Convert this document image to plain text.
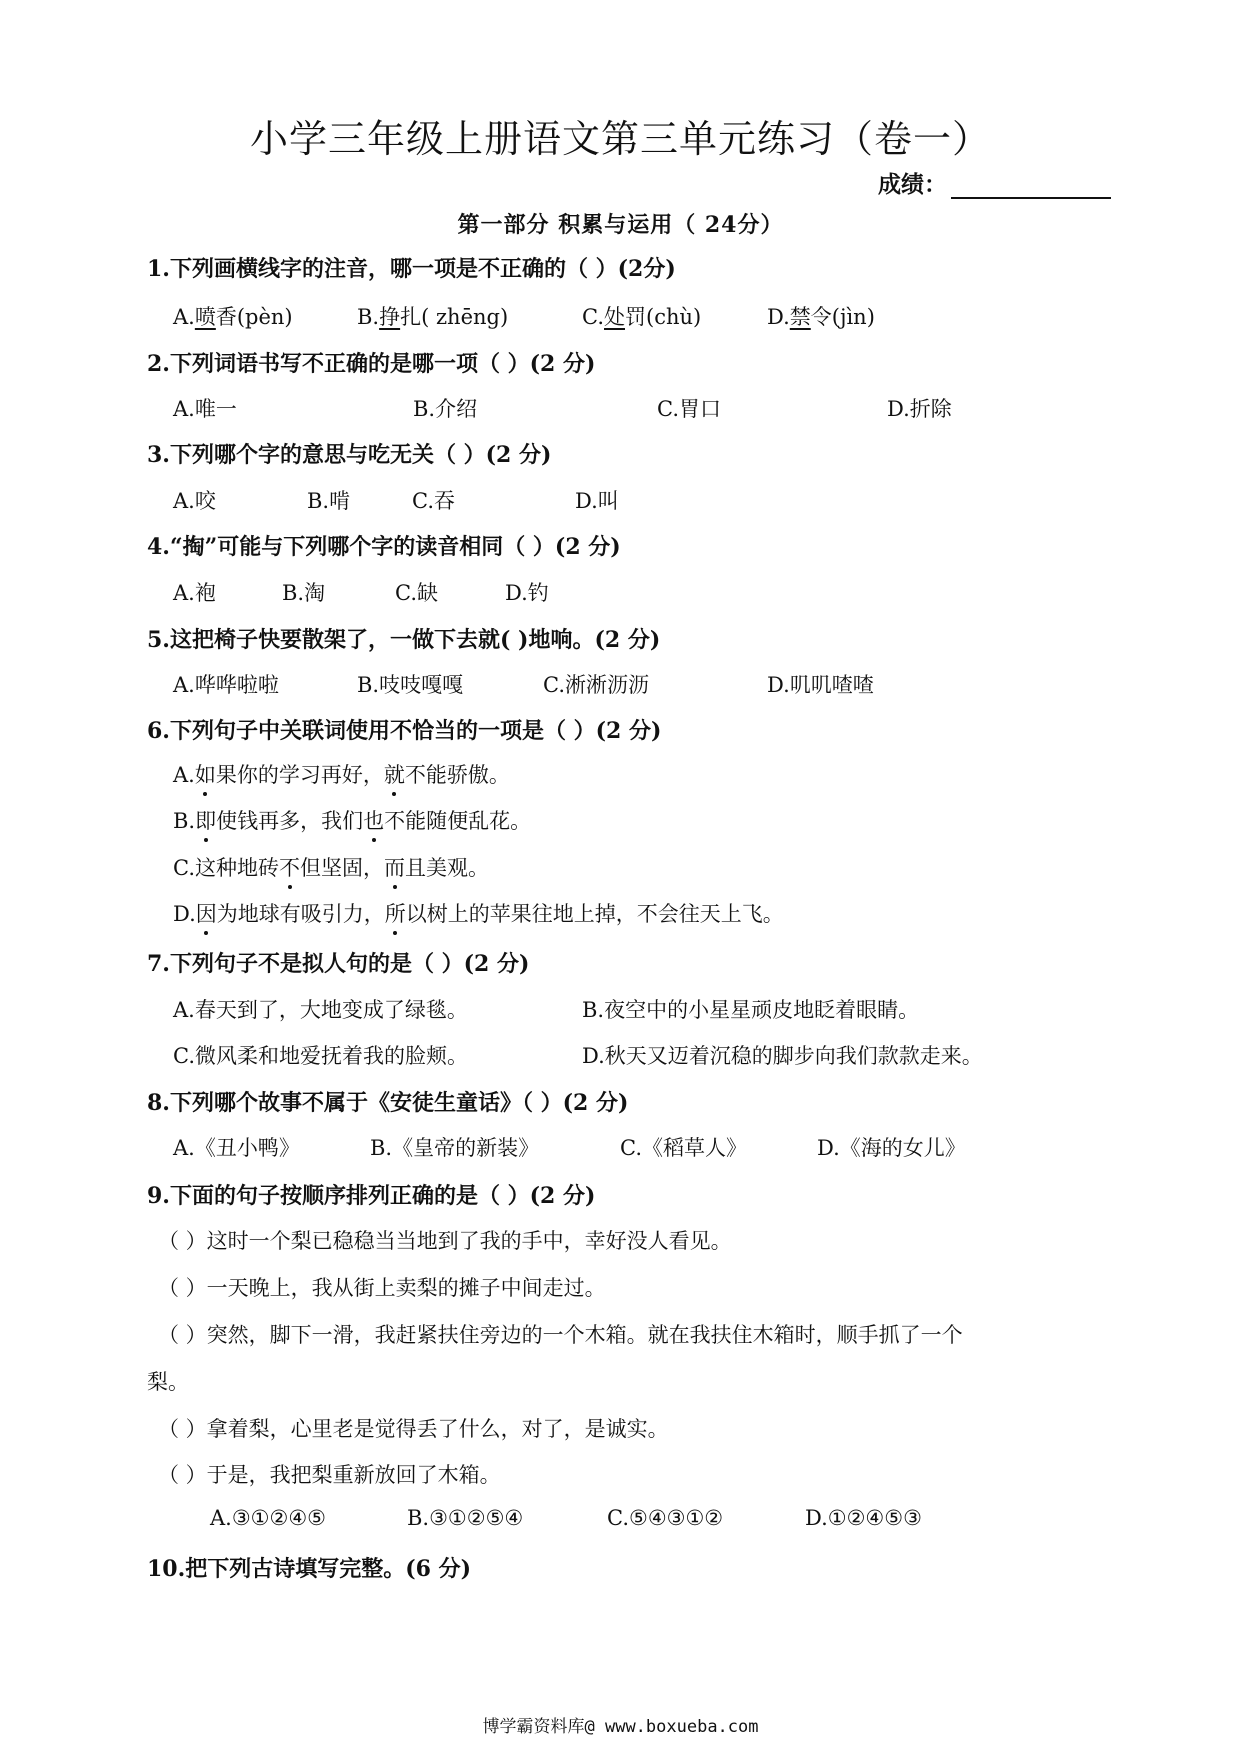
小学三年级上册语文第三单元练习（卷一）
成绩：
第一部分 积累与运用（ 24分）
1.下列画横线字的注音，哪一项是不正确的（ ）(2分)
A.喷香(pèn)	B.挣扎( zhēng)	C.处罚(chù)	D.禁令(jìn)
2.下列词语书写不正确的是哪一项（ ）(2 分)
A.唯一	B.介绍	C.胃口	D.折除
3.下列哪个字的意思与吃无关（ ）(2 分)
A.咬	B.啃	C.吞	D.叫
4.“掏”可能与下列哪个字的读音相同（ ）(2 分)
A.袍	B.淘	C.缺	D.钓
5.这把椅子快要散架了，一做下去就( )地响。(2 分)
A.哗哗啦啦	B.吱吱嘎嘎	C.淅淅沥沥	D.叽叽喳喳
6.下列句子中关联词使用不恰当的一项是（ ）(2 分)
A.如果你的学习再好，就不能骄傲。
B.即使钱再多，我们也不能随便乱花。
C.这种地砖不但坚固，而且美观。
D.因为地球有吸引力，所以树上的苹果往地上掉，不会往天上飞。
7.下列句子不是拟人句的是（ ）(2 分)
A.春天到了，大地变成了绿毯。	B.夜空中的小星星顽皮地眨着眼睛。
C.微风柔和地爱抚着我的脸颊。	D.秋天又迈着沉稳的脚步向我们款款走来。
8.下列哪个故事不属于《安徒生童话》（ ）(2 分)
A.《丑小鸭》	B.《皇帝的新装》	C.《稻草人》	D.《海的女儿》
9.下面的句子按顺序排列正确的是（ ）(2 分)
（ ）这时一个梨已稳稳当当地到了我的手中，幸好没人看见。
（ ）一天晚上，我从街上卖梨的摊子中间走过。
（ ）突然，脚下一滑，我赶紧扶住旁边的一个木箱。就在我扶住木箱时，顺手抓了一个
梨。
（ ）拿着梨，心里老是觉得丢了什么，对了，是诚实。
（ ）于是，我把梨重新放回了木箱。
A.③①②④⑤	B.③①②⑤④	C.⑤④③①②	D.①②④⑤③
10.把下列古诗填写完整。(6 分)
博学霸资料库@ www.boxueba.com
